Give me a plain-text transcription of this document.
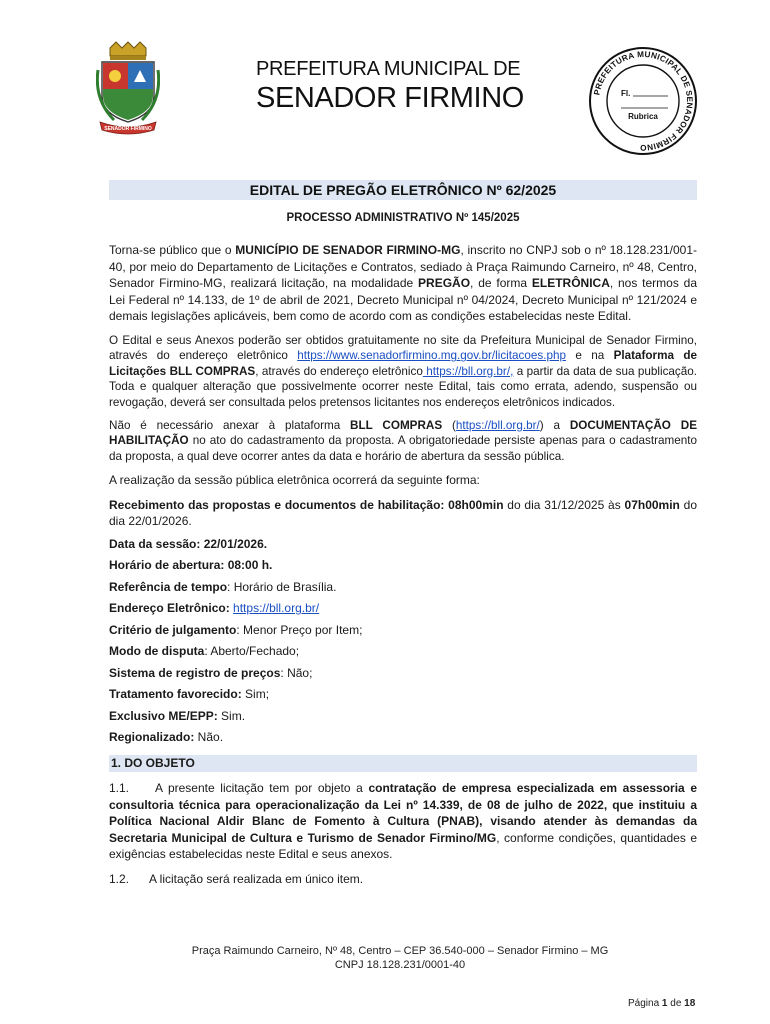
SENADOR FIRMINO
PREFEITURA MUNICIPAL DE
SENADOR FIRMINO	PREFEITURA MUNICIPAL DE SENADOR FIRMINO
Fl.
Rubrica
EDITAL DE PREGÃO ELETRÔNICO Nº 62/2025
PROCESSO ADMINISTRATIVO Nº 145/2025

Torna-se público que o MUNICÍPIO DE SENADOR FIRMINO-MG, inscrito no CNPJ sob o nº 18.128.231/001-40, por meio do Departamento de Licitações e Contratos, sediado à Praça Raimundo Carneiro, nº 48, Centro, Senador Firmino-MG, realizará licitação, na modalidade PREGÃO, de forma ELETRÔNICA, nos termos da Lei Federal nº 14.133, de 1º de abril de 2021, Decreto Municipal nº 04/2024, Decreto Municipal nº 121/2024 e demais legislações aplicáveis, bem como de acordo com as condições estabelecidas neste Edital.

O Edital e seus Anexos poderão ser obtidos gratuitamente no site da Prefeitura Municipal de Senador Firmino, através do endereço eletrônico https://www.senadorfirmino.mg.gov.br/licitacoes.php e na Plataforma de Licitações BLL COMPRAS, através do endereço eletrônico https://bll.org.br/, a partir da data de sua publicação. Toda e qualquer alteração que possivelmente ocorrer neste Edital, tais como errata, adendo, suspensão ou revogação, deverá ser consultada pelos pretensos licitantes nos endereços eletrônicos indicados.

Não é necessário anexar à plataforma BLL COMPRAS (https://bll.org.br/) a DOCUMENTAÇÃO DE HABILITAÇÃO no ato do cadastramento da proposta. A obrigatoriedade persiste apenas para o cadastramento da proposta, a qual deve ocorrer antes da data e horário de abertura da sessão pública.

A realização da sessão pública eletrônica ocorrerá da seguinte forma:

Recebimento das propostas e documentos de habilitação: 08h00min do dia 31/12/2025 às 07h00min do dia 22/01/2026.

Data da sessão: 22/01/2026.
Horário de abertura: 08:00 h.
Referência de tempo: Horário de Brasília.
Endereço Eletrônico: https://bll.org.br/
Critério de julgamento: Menor Preço por Item;
Modo de disputa: Aberto/Fechado;
Sistema de registro de preços: Não;
Tratamento favorecido: Sim;
Exclusivo ME/EPP: Sim.
Regionalizado: Não.
1. DO OBJETO
1.1. A presente licitação tem por objeto a contratação de empresa especializada em assessoria e consultoria técnica para operacionalização da Lei nº 14.339, de 08 de julho de 2022, que instituiu a Política Nacional Aldir Blanc de Fomento à Cultura (PNAB), visando atender às demandas da Secretaria Municipal de Cultura e Turismo de Senador Firmino/MG, conforme condições, quantidades e exigências estabelecidas neste Edital e seus anexos.
1.2. A licitação será realizada em único item.
Praça Raimundo Carneiro, Nº 48, Centro – CEP 36.540-000 – Senador Firmino – MG
CNPJ 18.128.231/0001-40
Página 1 de 18
